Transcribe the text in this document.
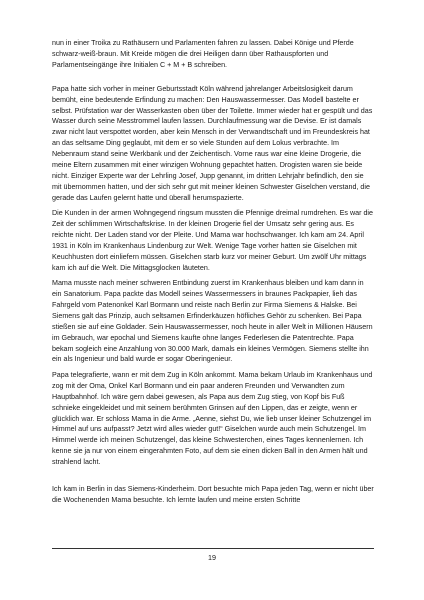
nun in einer Troika zu Rathäusern und Parlamenten fahren zu lassen. Dabei Könige und Pferde schwarz-weiß-braun. Mit Kreide mögen die drei Heiligen dann über Rathauspforten und Parlamentseingänge ihre Initialen C + M + B schreiben.

Papa hatte sich vorher in meiner Geburtsstadt Köln während jahrelanger Arbeitslosigkeit darum bemüht, eine bedeutende Erfindung zu machen: Den Hauswassermesser. Das Modell bastelte er selbst. Prüfstation war der Wasserkasten oben über der Toilette. Immer wieder hat er gespült und das Wasser durch seine Messtrommel laufen lassen. Durchlaufmessung war die Devise. Er ist damals zwar nicht laut verspottet worden, aber kein Mensch in der Verwandtschaft und im Freundeskreis hat an das seltsame Ding geglaubt, mit dem er so viele Stunden auf dem Lokus verbrachte. Im Nebenraum stand seine Werkbank und der Zeichentisch. Vorne raus war eine kleine Drogerie, die meine Eltern zusammen mit einer winzigen Wohnung gepachtet hatten. Drogisten waren sie beide nicht. Einziger Experte war der Lehrling Josef, Jupp genannt, im dritten Lehrjahr befindlich, den sie mit übernommen hatten, und der sich sehr gut mit meiner kleinen Schwester Giselchen verstand, die gerade das Laufen gelernt hatte und überall herumspazierte.

Die Kunden in der armen Wohngegend ringsum mussten die Pfennige dreimal rumdrehen. Es war die Zeit der schlimmen Wirtschaftskrise. In der kleinen Drogerie fiel der Umsatz sehr gering aus. Es reichte nicht. Der Laden stand vor der Pleite. Und Mama war hochschwanger. Ich kam am 24. April 1931 in Köln im Krankenhaus Lindenburg zur Welt. Wenige Tage vorher hatten sie Giselchen mit Keuchhusten dort einliefern müssen. Giselchen starb kurz vor meiner Geburt. Um zwölf Uhr mittags kam ich auf die Welt. Die Mittagsglocken läuteten.

Mama musste nach meiner schweren Entbindung zuerst im Krankenhaus bleiben und kam dann in ein Sanatorium. Papa packte das Modell seines Wassermessers in braunes Packpapier, lieh das Fahrgeld vom Patenonkel Karl Bormann und reiste nach Berlin zur Firma Siemens & Halske. Bei Siemens galt das Prinzip, auch seltsamen Erfinderkäuzen höfliches Gehör zu schenken. Bei Papa stießen sie auf eine Goldader. Sein Hauswassermesser, noch heute in aller Welt in Millionen Häusern im Gebrauch, war epochal und Siemens kaufte ohne langes Federlesen die Patentrechte. Papa bekam sogleich eine Anzahlung von 30.000 Mark, damals ein kleines Vermögen. Siemens stellte ihn ein als Ingenieur und bald wurde er sogar Oberingenieur.

Papa telegrafierte, wann er mit dem Zug in Köln ankommt. Mama bekam Urlaub im Krankenhaus und zog mit der Oma, Onkel Karl Bormann und ein paar anderen Freunden und Verwandten zum Hauptbahnhof. Ich wäre gern dabei gewesen, als Papa aus dem Zug stieg, von Kopf bis Fuß schnieke eingekleidet und mit seinem berühmten Grinsen auf den Lippen, das er zeigte, wenn er glücklich war. Er schloss Mama in die Arme. „Aenne, siehst Du, wie lieb unser kleiner Schutzengel im Himmel auf uns aufpasst? Jetzt wird alles wieder gut!“ Giselchen wurde auch mein Schutzengel. Im Himmel werde ich meinen Schutzengel, das kleine Schwesterchen, eines Tages kennenlernen. Ich kenne sie ja nur von einem eingerahmten Foto, auf dem sie einen dicken Ball in den Armen hält und strahlend lacht.

Ich kam in Berlin in das Siemens-Kinderheim. Dort besuchte mich Papa jeden Tag, wenn er nicht über die Wochenenden Mama besuchte. Ich lernte laufen und meine ersten Schritte

19
